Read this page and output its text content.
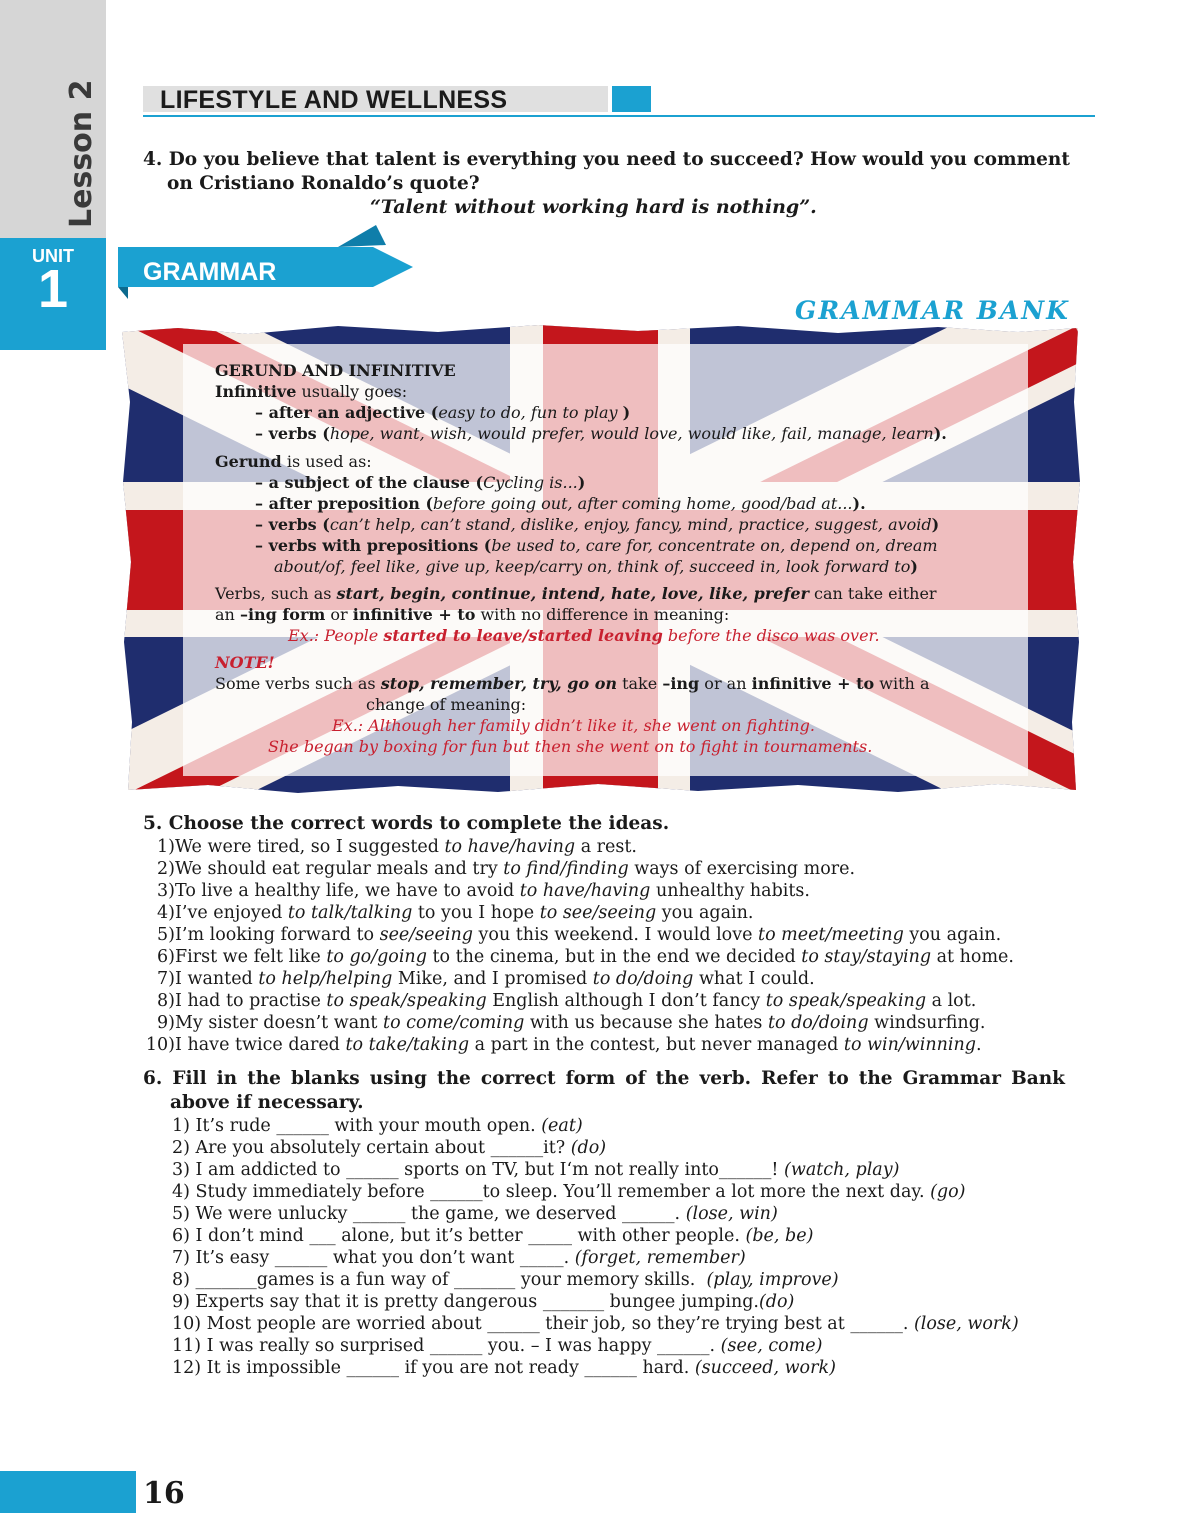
Lesson 2
UNIT
1
LIFESTYLE AND WELLNESS
4. Do you believe that talent is everything you need to succeed? How would you comment on Cristiano Ronaldo’s quote?
“Talent without working hard is nothing”.
GRAMMAR
GRAMMAR BANK
GERUND AND INFINITIVE
Infinitive usually goes:
– after an adjective (easy to do, fun to play )
– verbs (hope, want, wish, would prefer, would love, would like, fail, manage, learn).
Gerund is used as:
– a subject of the clause (Cycling is...)
– after preposition (before going out, after coming home, good/bad at...).
– verbs (can’t help, can’t stand, dislike, enjoy, fancy, mind, practice, suggest, avoid)
– verbs with prepositions (be used to, care for, concentrate on, depend on, dream
about/of, feel like, give up, keep/carry on, think of, succeed in, look forward to)
Verbs, such as start, begin, continue, intend, hate, love, like, prefer can take either
an –ing form or infinitive + to with no difference in meaning:
Ex.: People started to leave/started leaving before the disco was over.
NOTE!
Some verbs such as stop, remember, try, go on take –ing or an infinitive + to with a
change of meaning:
Ex.: Although her family didn’t like it, she went on fighting.
She began by boxing for fun but then she went on to fight in tournaments.
5. Choose the correct words to complete the ideas.
1)We were tired, so I suggested to have/having a rest.
2)We should eat regular meals and try to find/finding ways of exercising more.
3)To live a healthy life, we have to avoid to have/having unhealthy habits.
4)I’ve enjoyed to talk/talking to you I hope to see/seeing you again.
5)I’m looking forward to see/seeing you this weekend. I would love to meet/meeting you again.
6)First we felt like to go/going to the cinema, but in the end we decided to stay/staying at home.
7)I wanted to help/helping Mike, and I promised to do/doing what I could.
8)I had to practise to speak/speaking English although I don’t fancy to speak/speaking a lot.
9)My sister doesn’t want to come/coming with us because she hates to do/doing windsurfing.
10)I have twice dared to take/taking a part in the contest, but never managed to win/winning.
6. Fill in the blanks using the correct form of the verb. Refer to the Grammar Bank
above if necessary.
1) It’s rude ______ with your mouth open. (eat)
2) Are you absolutely certain about ______it? (do)
3) I am addicted to ______ sports on TV, but I‘m not really into______! (watch, play)
4) Study immediately before ______to sleep. You’ll remember a lot more the next day. (go)
5) We were unlucky ______ the game, we deserved ______. (lose, win)
6) I don’t mind ___ alone, but it’s better _____ with other people. (be, be)
7) It’s easy ______ what you don’t want _____. (forget, remember)
8) _______games is a fun way of _______ your memory skills.  (play, improve)
9) Experts say that it is pretty dangerous _______ bungee jumping.(do)
10) Most people are worried about ______ their job, so they’re trying best at ______. (lose, work)
11) I was really so surprised ______ you. – I was happy ______. (see, come)
12) It is impossible ______ if you are not ready ______ hard. (succeed, work)
16
